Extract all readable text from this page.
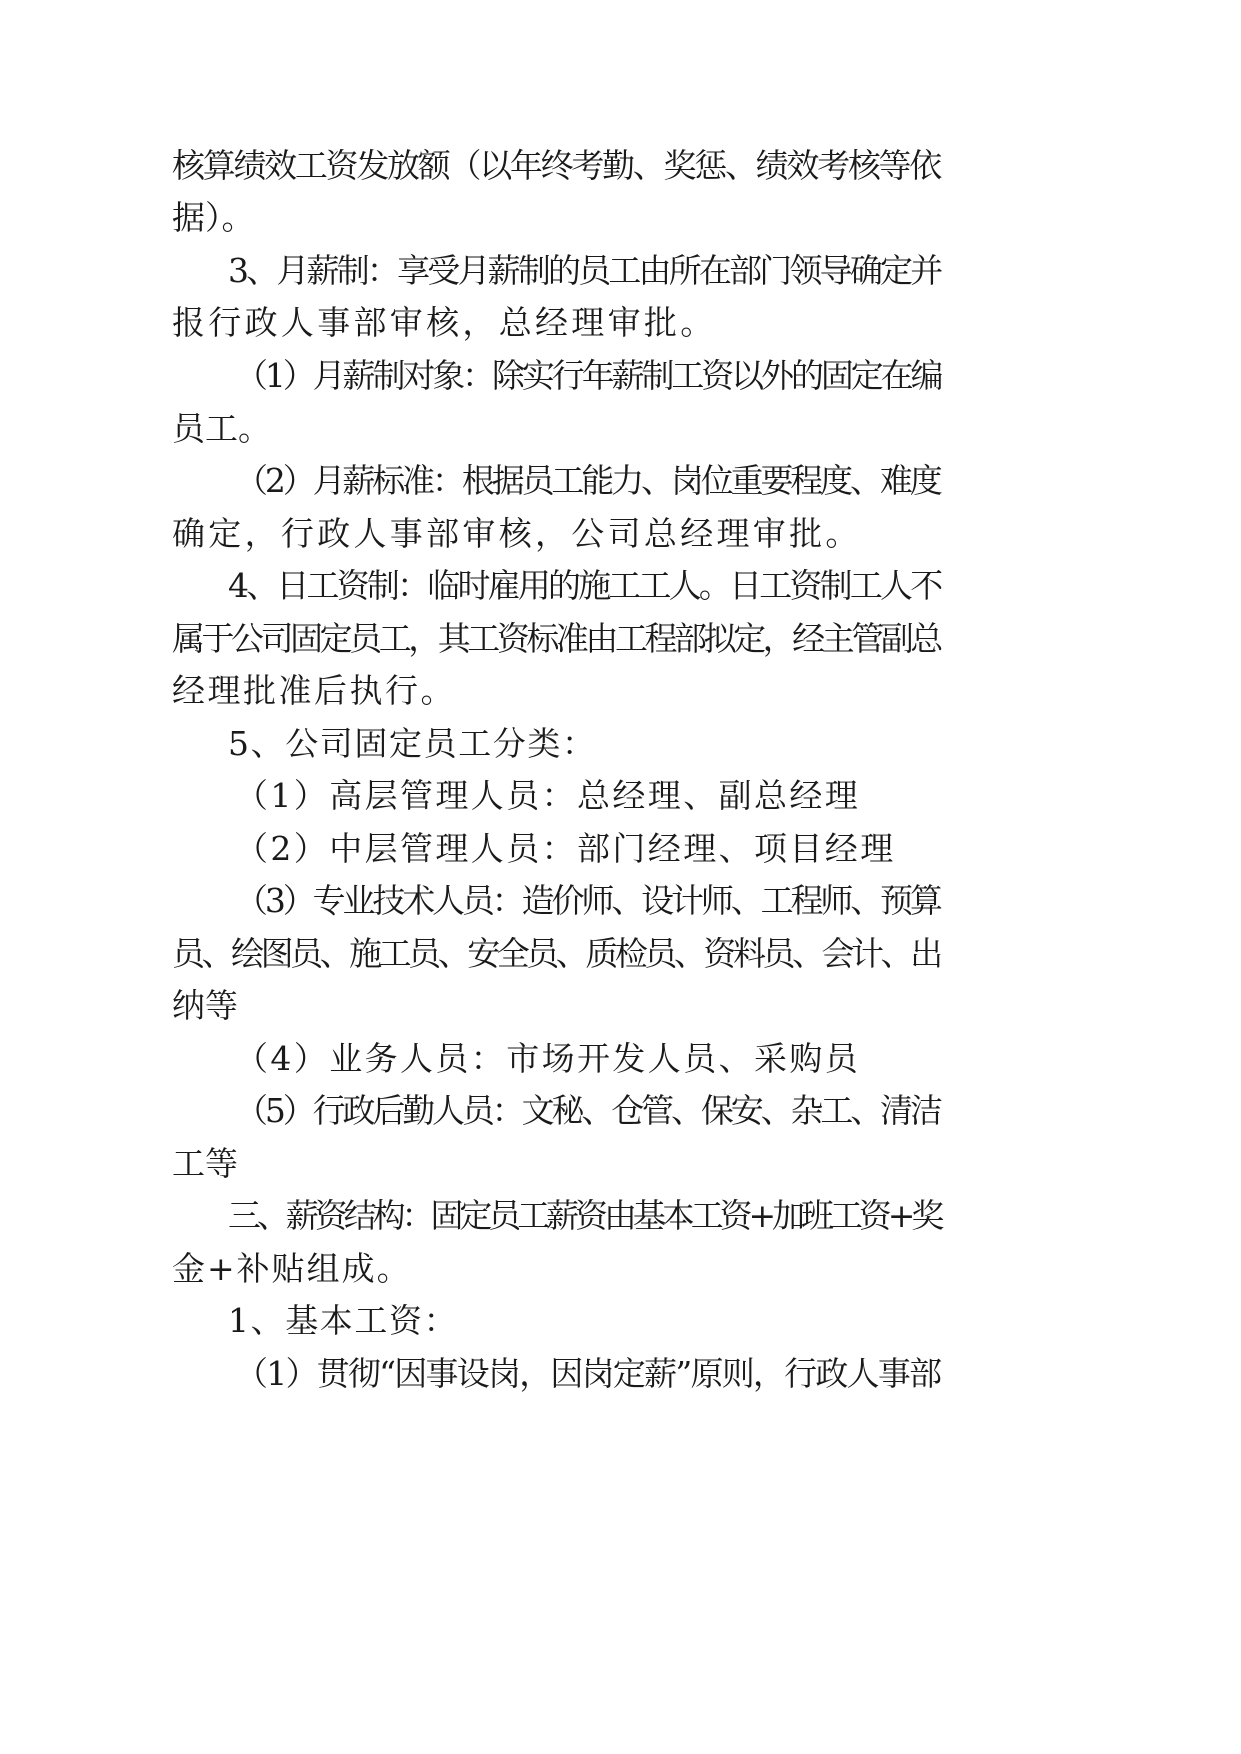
核算绩效工资发放额（以年终考勤、奖惩、绩效考核等依
据）。
3、月薪制：享受月薪制的员工由所在部门领导确定并
报行政人事部审核，总经理审批。
（1）月薪制对象：除实行年薪制工资以外的固定在编
员工。
（2）月薪标准：根据员工能力、岗位重要程度、难度
确定，行政人事部审核，公司总经理审批。
4、日工资制：临时雇用的施工工人。日工资制工人不
属于公司固定员工，其工资标准由工程部拟定，经主管副总
经理批准后执行。
5、公司固定员工分类：
（1）高层管理人员：总经理、副总经理
（2）中层管理人员：部门经理、项目经理
（3）专业技术人员：造价师、设计师、工程师、预算
员、绘图员、施工员、安全员、质检员、资料员、会计、出
纳等
（4）业务人员：市场开发人员、采购员
（5）行政后勤人员：文秘、仓管、保安、杂工、清洁
工等
三、薪资结构：固定员工薪资由基本工资+加班工资+奖
金+补贴组成。
1、基本工资：
（1）贯彻“因事设岗，因岗定薪”原则，行政人事部
